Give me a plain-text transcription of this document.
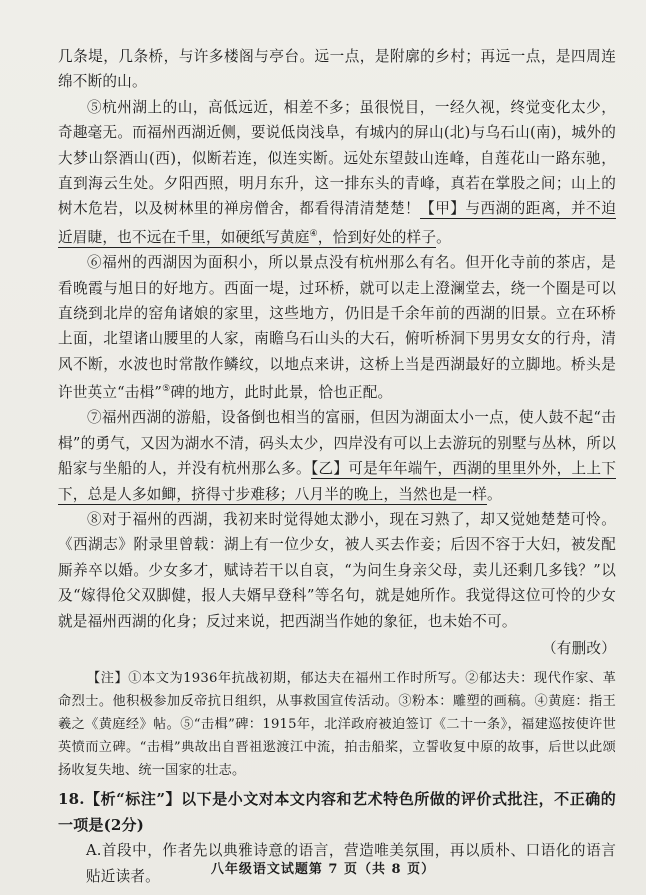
几条堤，几条桥，与许多楼阁与亭台。远一点，是附廓的乡村；再远一点，是四周连绵不断的山。

⑤杭州湖上的山，高低远近，相差不多；虽很悦目，一经久视，终觉变化太少，奇趣毫无。而福州西湖近侧，要说低岗浅阜，有城内的屏山(北)与乌石山(南)，城外的大梦山祭酒山(西)，似断若连，似连实断。远处东望鼓山连峰，自莲花山一路东驰，直到海云生处。夕阳西照，明月东升，这一排东头的青峰，真若在掌股之间；山上的树木危岩，以及树林里的禅房僧舍，都看得清清楚楚！【甲】与西湖的距离，并不迫近眉睫，也不远在千里，如硬纸写黄庭④，恰到好处的样子。

⑥福州的西湖因为面积小，所以景点没有杭州那么有名。但开化寺前的茶店，是看晚霞与旭日的好地方。西面一堤，过环桥，就可以走上澄澜堂去，绕一个圈是可以直绕到北岸的窑角诸娘的家里，这些地方，仍旧是千余年前的西湖的旧景。立在环桥上面，北望诸山腰里的人家，南瞻乌石山头的大石，俯听桥洞下男男女女的行舟，清风不断，水波也时常散作鳞纹，以地点来讲，这桥上当是西湖最好的立脚地。桥头是许世英立“击楫”⑤碑的地方，此时此景，恰也正配。

⑦福州西湖的游船，设备倒也相当的富丽，但因为湖面太小一点，使人鼓不起“击楫”的勇气，又因为湖水不清，码头太少，四岸没有可以上去游玩的别墅与丛林，所以船家与坐船的人，并没有杭州那么多。【乙】可是年年端午，西湖的里里外外，上上下下，总是人多如鲫，挤得寸步难移；八月半的晚上，当然也是一样。

⑧对于福州的西湖，我初来时觉得她太渺小，现在习熟了，却又觉她楚楚可怜。《西湖志》附录里曾载：湖上有一位少女，被人买去作妾；后因不容于大妇，被发配厮养卒以婚。少女多才，赋诗若干以自哀，“为问生身亲父母，卖儿还剩几多钱？”以及“嫁得伧父双脚健，报人夫婿早登科”等名句，就是她所作。我觉得这位可怜的少女就是福州西湖的化身；反过来说，把西湖当作她的象征，也未始不可。

（有删改）

【注】①本文为1936年抗战初期，郁达夫在福州工作时所写。②郁达夫：现代作家、革命烈士。他积极参加反帝抗日组织，从事救国宣传活动。③粉本：雕塑的画稿。④黄庭：指王羲之《黄庭经》帖。⑤“击楫”碑：1915年，北洋政府被迫签订《二十一条》，福建巡按使许世英愤而立碑。“击楫”典故出自晋祖逖渡江中流，拍击船桨，立誓收复中原的故事，后世以此颂扬收复失地、统一国家的壮志。

18.【析“标注”】以下是小文对本文内容和艺术特色所做的评价式批注，不正确的一项是(2分)

A.首段中，作者先以典雅诗意的语言，营造唯美氛围，再以质朴、口语化的语言贴近读者。	八年级语文试题第 7 页（共 8 页）
